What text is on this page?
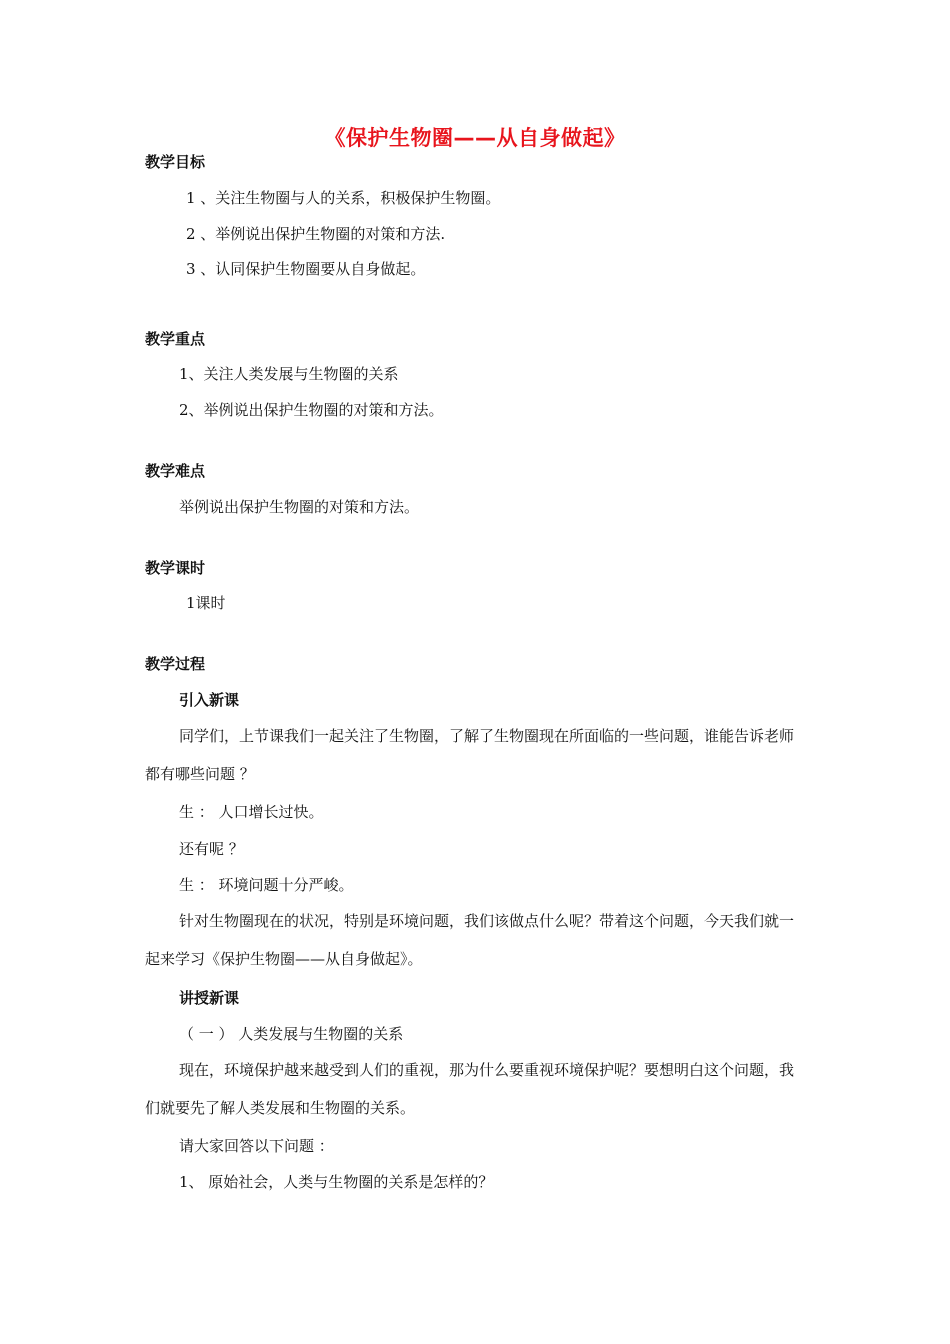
《保护生物圈——从自身做起》
教学目标
1 、关注生物圈与人的关系，积极保护生物圈。
2 、举例说出保护生物圈的对策和方法.
3 、认同保护生物圈要从自身做起。
教学重点
1、关注人类发展与生物圈的关系
2、举例说出保护生物圈的对策和方法。
教学难点
举例说出保护生物圈的对策和方法。
教学课时
1课时
教学过程
引入新课
同学们，上节课我们一起关注了生物圈，了解了生物圈现在所面临的一些问题，谁能告诉老师都有哪些问题 ？
生 ： 人口增长过快。
还有呢 ？
生 ： 环境问题十分严峻。
针对生物圈现在的状况，特别是环境问题，我们该做点什么呢？带着这个问题，今天我们就一起来学习《保护生物圈——从自身做起》。
讲授新课
（ 一 ） 人类发展与生物圈的关系
现在，环境保护越来越受到人们的重视，那为什么要重视环境保护呢？要想明白这个问题，我们就要先了解人类发展和生物圈的关系。
请大家回答以下问题 ：
1、 原始社会，人类与生物圈的关系是怎样的？
